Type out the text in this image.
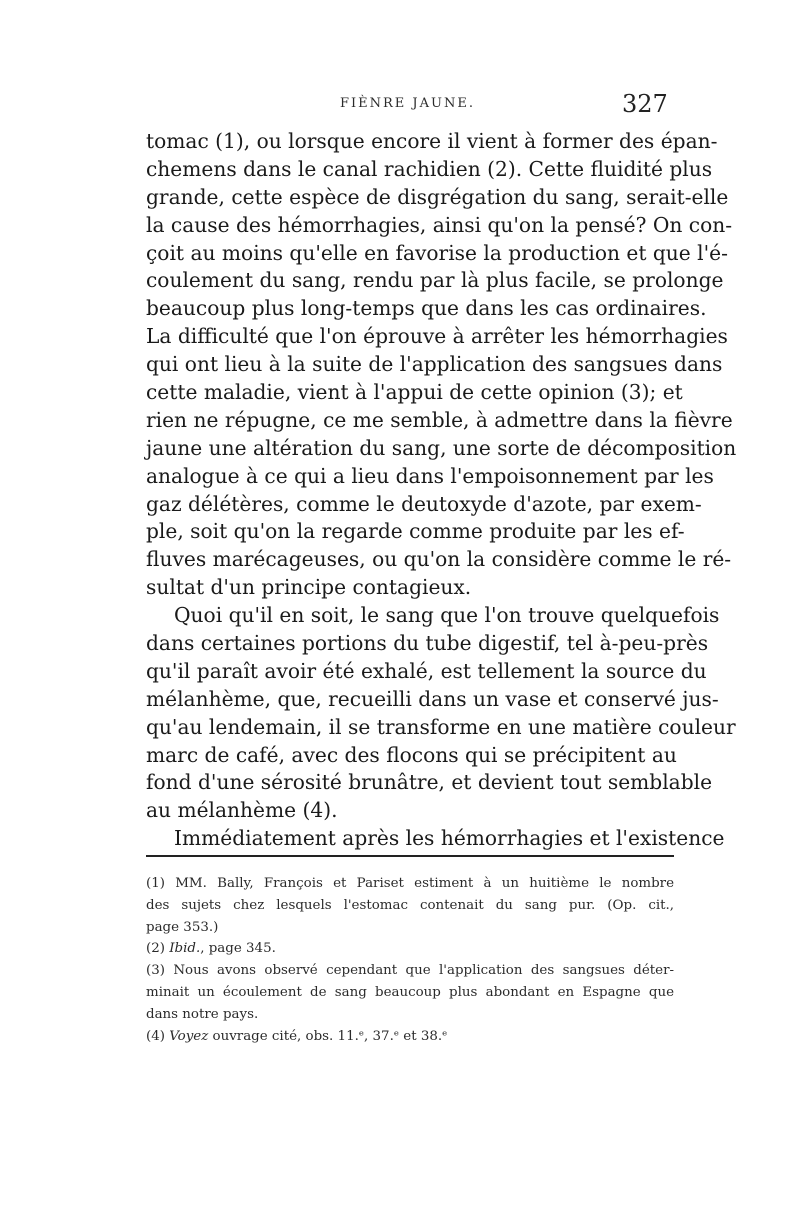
FIÈNRE JAUNE.	327
tomac (1), ou lorsque encore il vient à former des épan-
chemens dans le canal rachidien (2). Cette fluidité plus
grande, cette espèce de disgrégation du sang, serait-elle
la cause des hémorrhagies, ainsi qu'on la pensé? On con-
çoit au moins qu'elle en favorise la production et que l'é-
coulement du sang, rendu par là plus facile, se prolonge
beaucoup plus long-temps que dans les cas ordinaires.
La difficulté que l'on éprouve à arrêter les hémorrhagies
qui ont lieu à la suite de l'application des sangsues dans
cette maladie, vient à l'appui de cette opinion (3); et
rien ne répugne, ce me semble, à admettre dans la fièvre
jaune une altération du sang, une sorte de décomposition
analogue à ce qui a lieu dans l'empoisonnement par les
gaz délétères, comme le deutoxyde d'azote, par exem-
ple, soit qu'on la regarde comme produite par les ef-
fluves marécageuses, ou qu'on la considère comme le ré-
sultat d'un principe contagieux.
Quoi qu'il en soit, le sang que l'on trouve quelquefois
dans certaines portions du tube digestif, tel à-peu-près
qu'il paraît avoir été exhalé, est tellement la source du
mélanhème, que, recueilli dans un vase et conservé jus-
qu'au lendemain, il se transforme en une matière couleur
marc de café, avec des flocons qui se précipitent au
fond d'une sérosité brunâtre, et devient tout semblable
au mélanhème (4).
Immédiatement après les hémorrhagies et l'existence
(1) MM. Bally, François et Pariset estiment à un huitième le nombre
des sujets chez lesquels l'estomac contenait du sang pur. (Op. cit.,
page 353.)
(2) Ibid., page 345.
(3) Nous avons observé cependant que l'application des sangsues déter-
minait un écoulement de sang beaucoup plus abondant en Espagne que
dans notre pays.
(4) Voyez ouvrage cité, obs. 11.ᵉ, 37.ᵉ et 38.ᵉ
